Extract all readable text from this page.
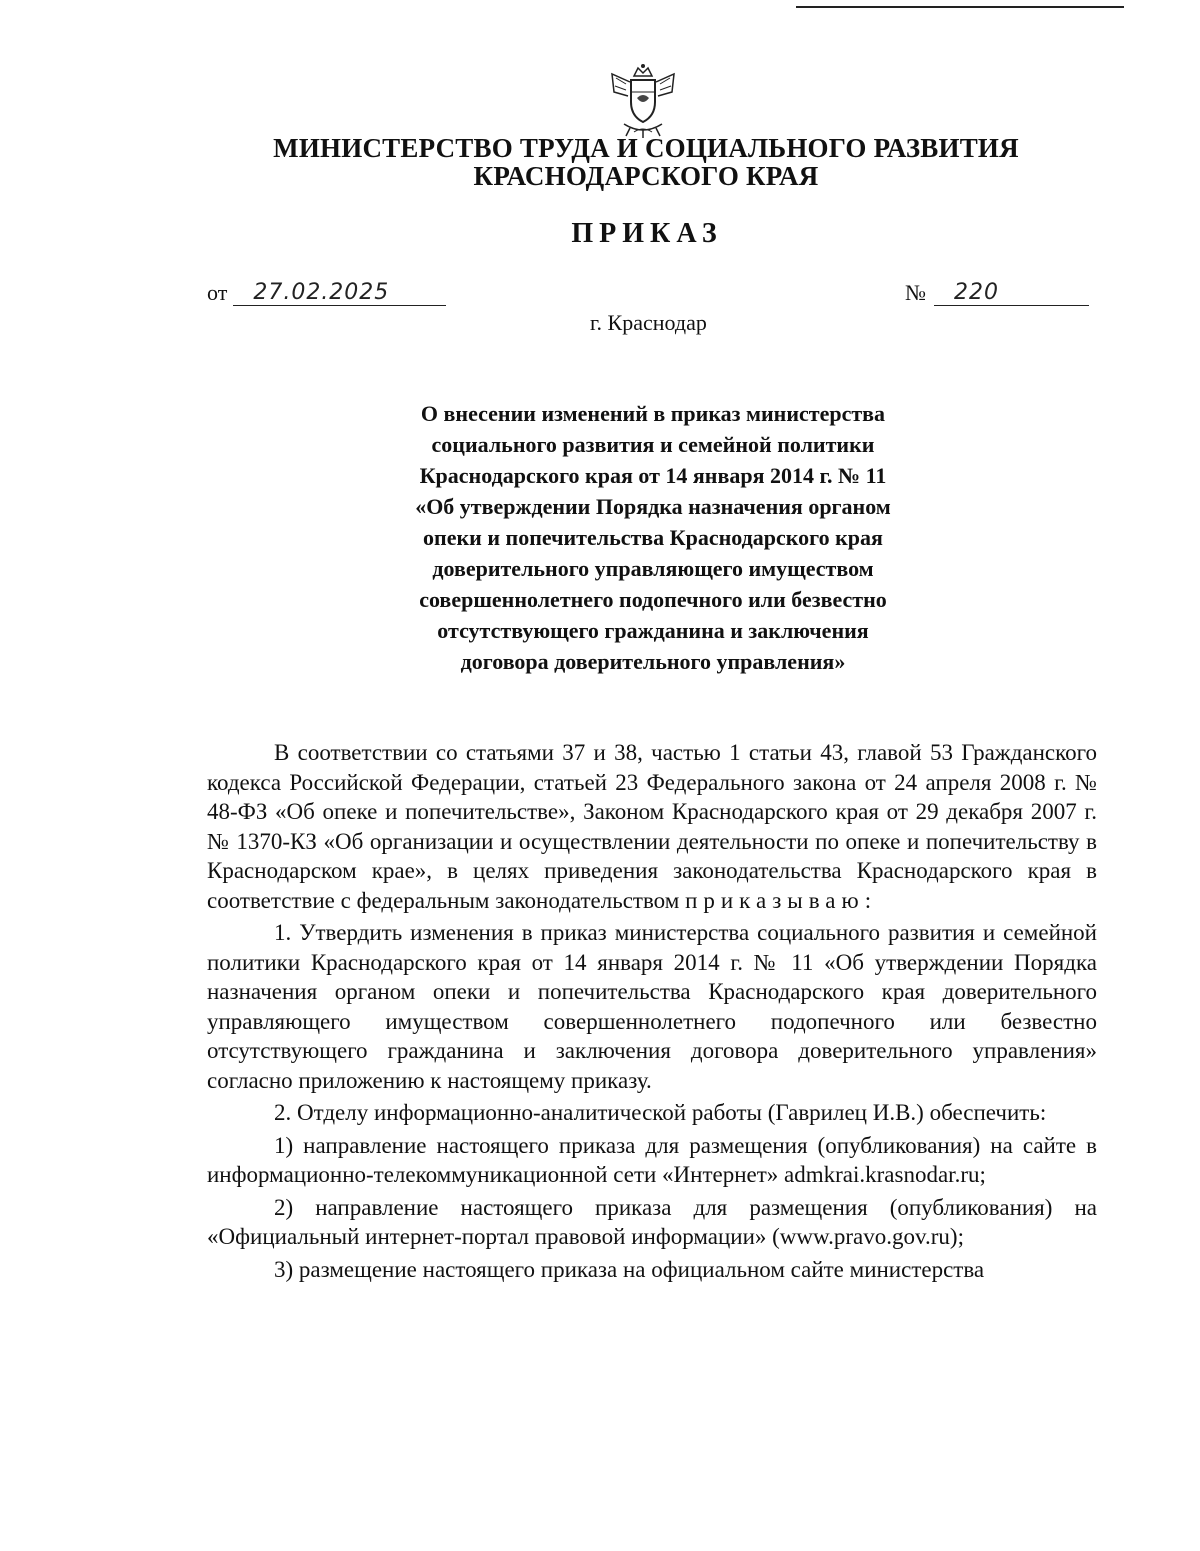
МИНИСТЕРСТВО ТРУДА И СОЦИАЛЬНОГО РАЗВИТИЯ
КРАСНОДАРСКОГО КРАЯ
ПРИКАЗ
от 27.02.2025	№ 220
г. Краснодар
О внесении изменений в приказ министерства
социального развития и семейной политики
Краснодарского края от 14 января 2014 г. № 11
«Об утверждении Порядка назначения органом
опеки и попечительства Краснодарского края
доверительного управляющего имуществом
совершеннолетнего подопечного или безвестно
отсутствующего гражданина и заключения
договора доверительного управления»

В соответствии со статьями 37 и 38, частью 1 статьи 43, главой 53 Гражданского кодекса Российской Федерации, статьей 23 Федерального закона от 24 апреля 2008 г. № 48-ФЗ «Об опеке и попечительстве», Законом Краснодарского края от 29 декабря 2007 г. № 1370-КЗ «Об организации и осуществлении деятельности по опеке и попечительству в Краснодарском крае», в целях приведения законодательства Краснодарского края в соответствие с федеральным законодательством приказываю:

1. Утвердить изменения в приказ министерства социального развития и семейной политики Краснодарского края от 14 января 2014 г. № 11 «Об утверждении Порядка назначения органом опеки и попечительства Краснодарского края доверительного управляющего имуществом совершеннолетнего подопечного или безвестно отсутствующего гражданина и заключения договора доверительного управления» согласно приложению к настоящему приказу.

2. Отделу информационно-аналитической работы (Гаврилец И.В.) обеспечить:

1) направление настоящего приказа для размещения (опубликования) на сайте в информационно-телекоммуникационной сети «Интернет» admkrai.krasnodar.ru;

2) направление настоящего приказа для размещения (опубликования) на «Официальный интернет-портал правовой информации» (www.pravo.gov.ru);

3) размещение настоящего приказа на официальном сайте министерства
